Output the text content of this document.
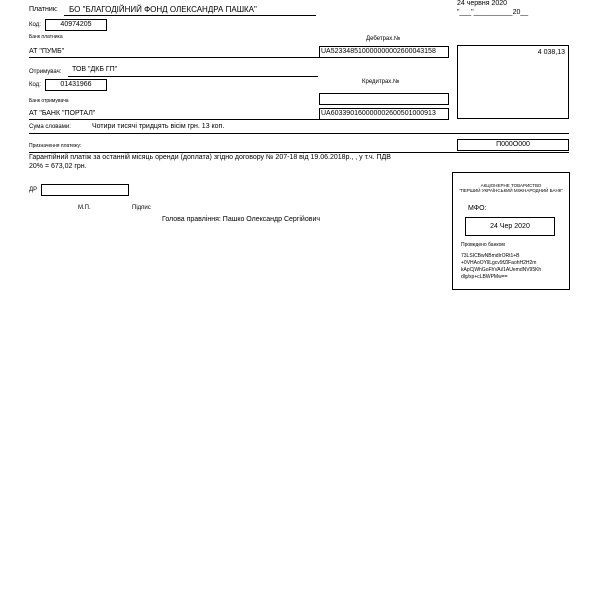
24 червня 2020
"___"__________20__
Платник: БО "БЛАГОДІЙНИЙ ФОНД ОЛЕКСАНДРА ПАШКА"
Код:	40974205
Банк платника	Дебетрах.№
АТ "ПУМБ"	UA523348510000000002600043158	4 038,13
Отримувач: ТОВ "ДКБ ГП"
Код:	01431966	Кредитрах.№
Банк отримувача
АТ "БАНК "ПОРТАЛ"	UA603390160000002600501000913
Сума словами:	Чотири тисячі тридцять вісім грн. 13 коп.
Призначення платежу:	П000О000
Гарантійний платіж за останній місяць оренди (доплата) згідно договору № 207-18 від 19.06.2018р., , у т.ч. ПДВ
20% = 673,02 грн.
ДР
М.П.	Підпис
Голова правління: Пашко Олександр Сергійович
АКЦІОНЕРНЕ ТОВАРИСТВО
"ПЕРШИЙ УКРАЇНСЬКИЙ МІЖНАРОДНИЙ БАНК"
МФО:
24 Чер 2020
Проведено банком
73LSICBwNBmdIrORt1+B
+0VHAoOYllLgcv9fZlFaohH2H2m
kApCjWhGoFhVAi/1AUemdNV95Kh
dlg/xp+cLBWPMw==
